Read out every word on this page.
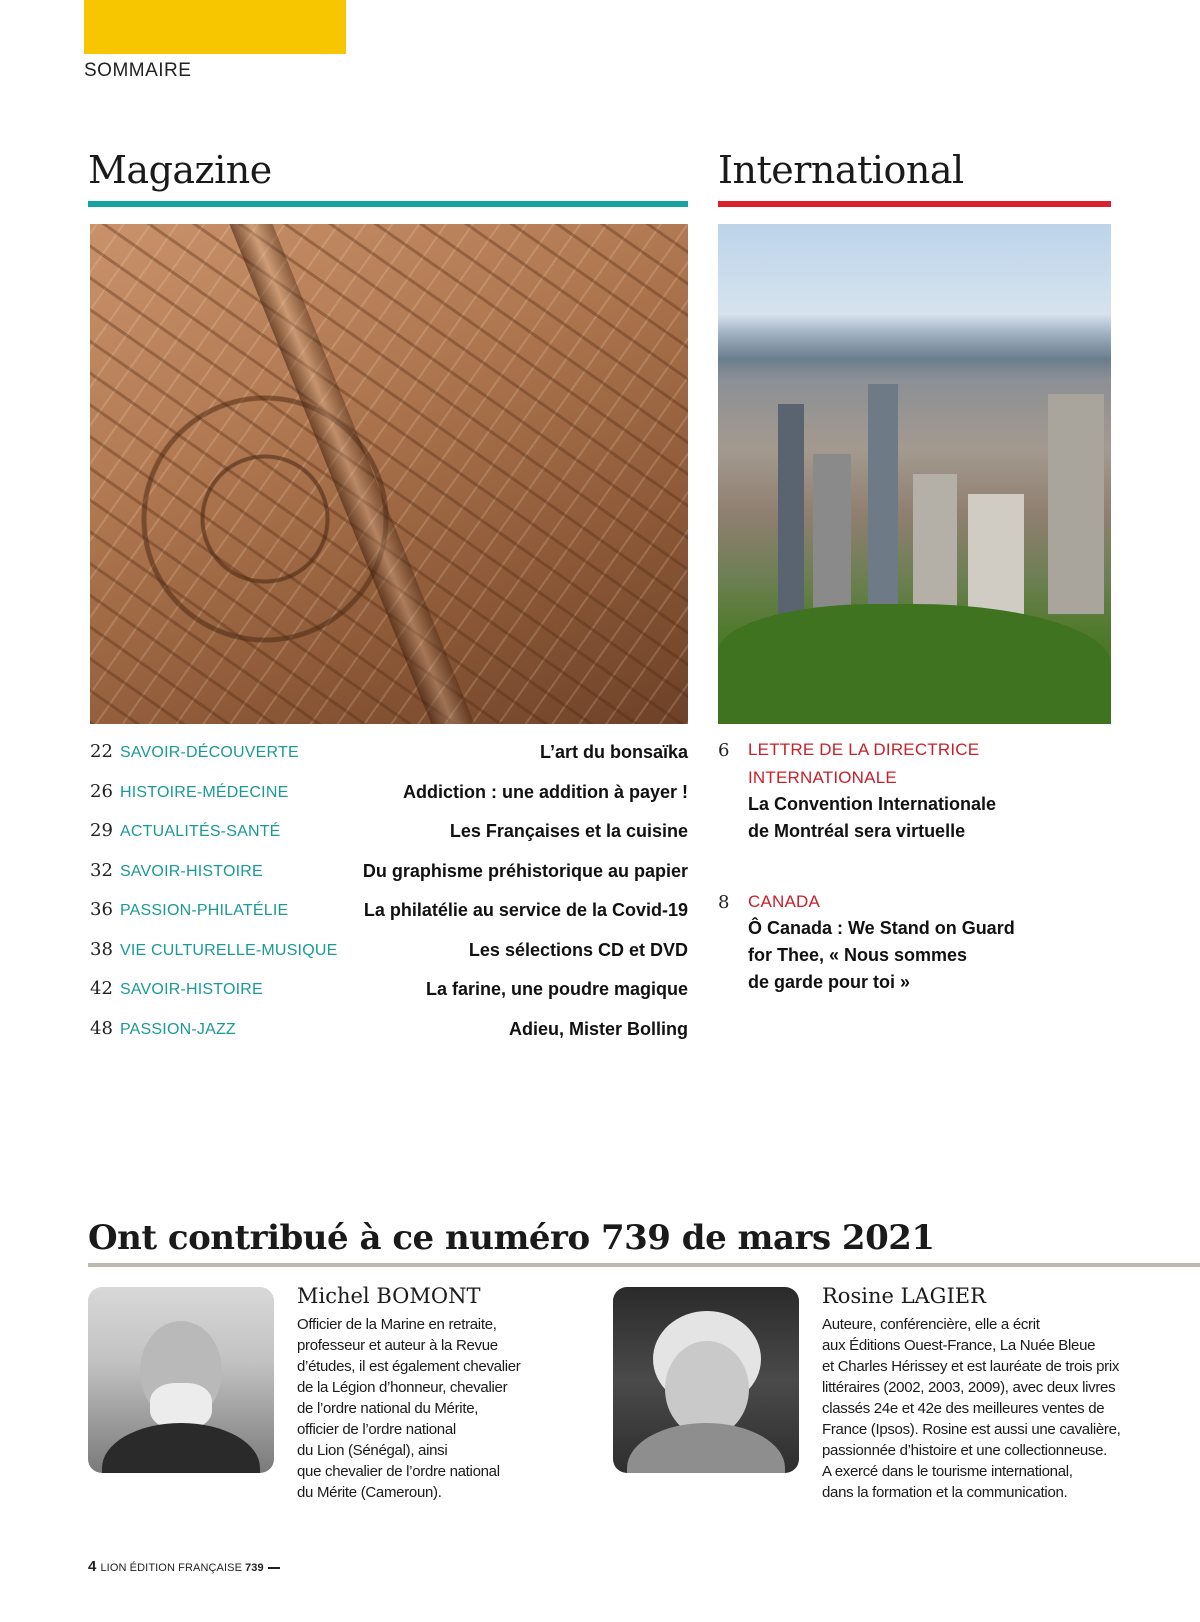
SOMMAIRE
Magazine
22 SAVOIR-DÉCOUVERTE	L’art du bonsaïka
26 HISTOIRE-MÉDECINE	Addiction : une addition à payer !
29 ACTUALITÉS-SANTÉ	Les Françaises et la cuisine
32 SAVOIR-HISTOIRE	Du graphisme préhistorique au papier
36 PASSION-PHILATÉLIE	La philatélie au service de la Covid-19
38 VIE CULTURELLE-MUSIQUE	Les sélections CD et DVD
42 SAVOIR-HISTOIRE	La farine, une poudre magique
48 PASSION-JAZZ	Adieu, Mister Bolling
International
6 LETTRE DE LA DIRECTRICE
INTERNATIONALE
La Convention Internationale
de Montréal sera virtuelle
8 CANADA
Ô Canada : We Stand on Guard
for Thee, « Nous sommes
de garde pour toi »
Ont contribué à ce numéro 739 de mars 2021
Michel BOMONT
Officier de la Marine en retraite,
professeur et auteur à la Revue
d’études, il est également chevalier
de la Légion d’honneur, chevalier
de l’ordre national du Mérite,
officier de l’ordre national
du Lion (Sénégal), ainsi
que chevalier de l’ordre national
du Mérite (Cameroun).
Rosine LAGIER
Auteure, conférencière, elle a écrit
aux Éditions Ouest-France, La Nuée Bleue
et Charles Hérissey et est lauréate de trois prix
littéraires (2002, 2003, 2009), avec deux livres
classés 24e et 42e des meilleures ventes de
France (Ipsos). Rosine est aussi une cavalière,
passionnée d’histoire et une collectionneuse.
A exercé dans le tourisme international,
dans la formation et la communication.
4 LION ÉDITION FRANÇAISE 739
